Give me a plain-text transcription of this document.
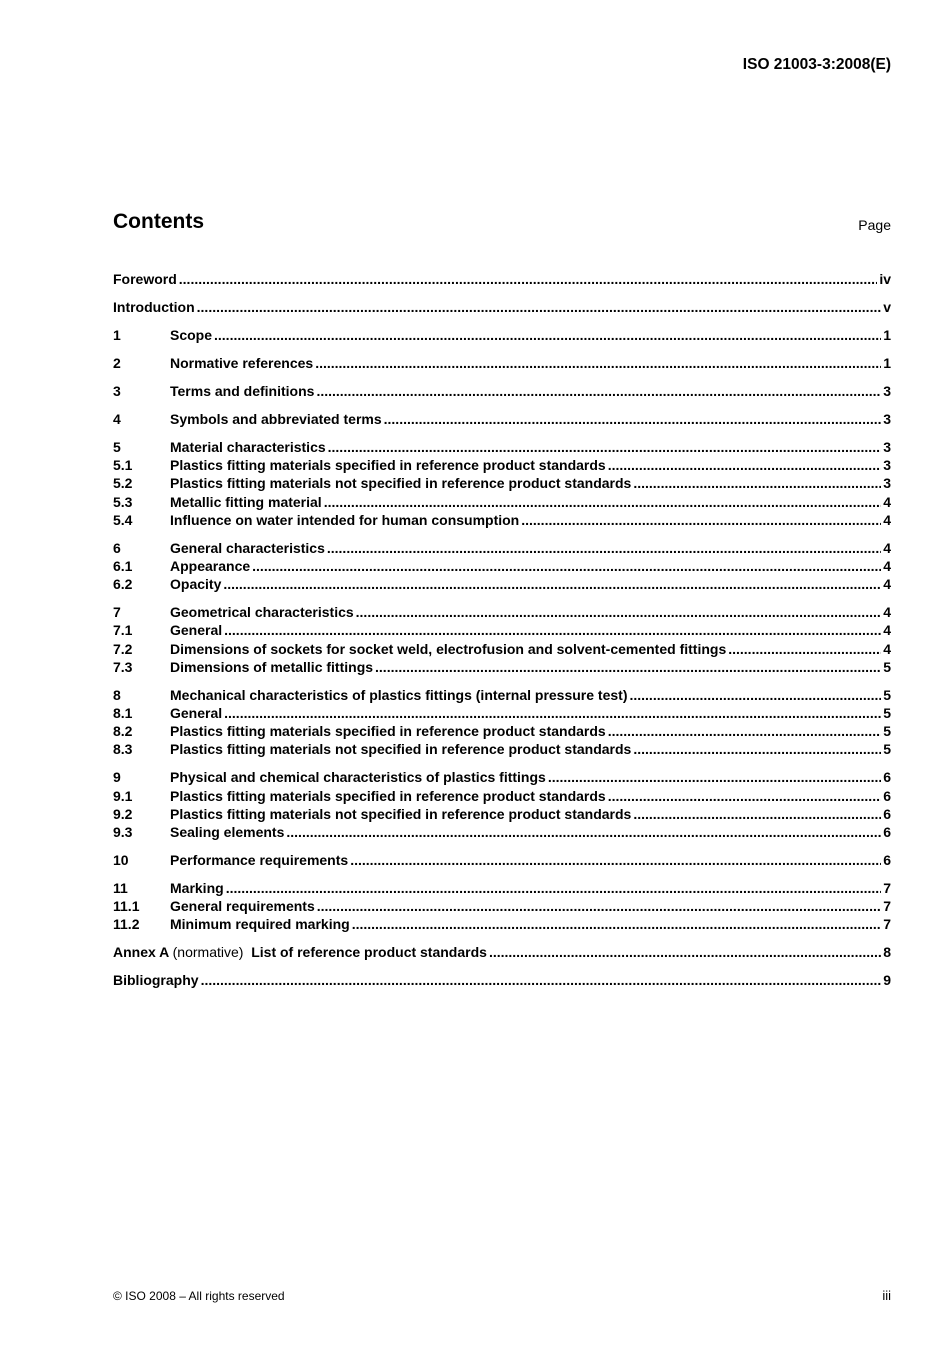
ISO 21003-3:2008(E)
Contents	Page
Foreword .....	iv
Introduction .....	v
1	Scope .....	1
2	Normative references .....	1
3	Terms and definitions .....	3
4	Symbols and abbreviated terms .....	3
5	Material characteristics .....	3
5.1	Plastics fitting materials specified in reference product standards .....	3
5.2	Plastics fitting materials not specified in reference product standards .....	3
5.3	Metallic fitting material .....	4
5.4	Influence on water intended for human consumption .....	4
6	General characteristics .....	4
6.1	Appearance .....	4
6.2	Opacity .....	4
7	Geometrical characteristics .....	4
7.1	General .....	4
7.2	Dimensions of sockets for socket weld, electrofusion and solvent-cemented fittings .....	4
7.3	Dimensions of metallic fittings .....	5
8	Mechanical characteristics of plastics fittings (internal pressure test) .....	5
8.1	General .....	5
8.2	Plastics fitting materials specified in reference product standards .....	5
8.3	Plastics fitting materials not specified in reference product standards .....	5
9	Physical and chemical characteristics of plastics fittings .....	6
9.1	Plastics fitting materials specified in reference product standards .....	6
9.2	Plastics fitting materials not specified in reference product standards .....	6
9.3	Sealing elements .....	6
10	Performance requirements .....	6
11	Marking .....	7
11.1	General requirements .....	7
11.2	Minimum required marking .....	7
Annex A (normative) List of reference product standards .....	8
Bibliography .....	9
© ISO 2008 – All rights reserved	iii
